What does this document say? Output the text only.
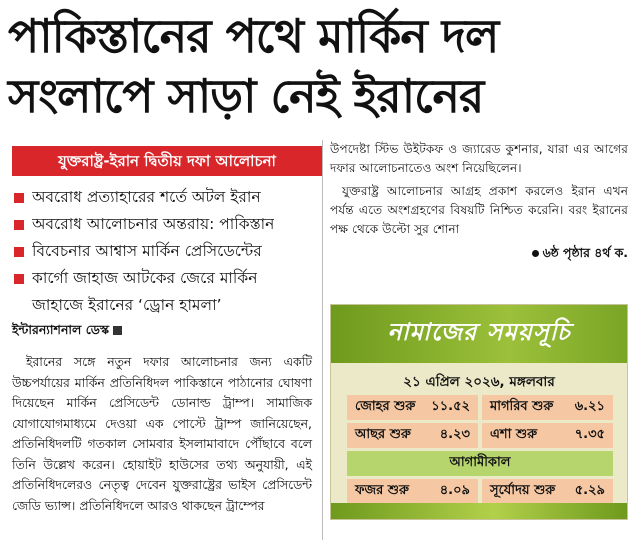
পাকিস্তানের পথে মার্কিন দল
সংলাপে সাড়া নেই ইরানের
যুক্তরাষ্ট্র-ইরান দ্বিতীয় দফা আলোচনা
অবরোধ প্রত্যাহারের শর্তে অটল ইরান
অবরোধ আলোচনার অন্তরায়: পাকিস্তান
বিবেচনার আশ্বাস মার্কিন প্রেসিডেন্টের
কার্গো জাহাজ আটকের জেরে মার্কিন
জাহাজে ইরানের ‘ড্রোন হামলা’
ইন্টারন্যাশনাল ডেস্ক

ইরানের সঙ্গে নতুন দফার আলোচনার জন্য একটি উচ্চপর্যায়ের মার্কিন প্রতিনিধিদল পাকিস্তানে পাঠানোর ঘোষণা দিয়েছেন মার্কিন প্রেসিডেন্ট ডোনাল্ড ট্রাম্প। সামাজিক যোগাযোগমাধ্যমে দেওয়া এক পোস্টে ট্রাম্প জানিয়েছেন, প্রতিনিধিদলটি গতকাল সোমবার ইসলামাবাদে পৌঁছাবে বলে তিনি উল্লেখ করেন। হোয়াইট হাউসের তথ্য অনুযায়ী, এই প্রতিনিধিদলেরও নেতৃত্ব দেবেন যুক্তরাষ্ট্রের ভাইস প্রেসিডেন্ট জেডি ভ্যান্স। প্রতিনিধিদলে আরও থাকছেন ট্রাম্পের

উপদেষ্টা স্টিভ উইটকফ ও জ্যারেড কুশনার, যারা এর আগের দফার আলোচনাতেও অংশ নিয়েছিলেন।

যুক্তরাষ্ট্র আলোচনার আগ্রহ প্রকাশ করলেও ইরান এখন পর্যন্ত এতে অংশগ্রহণের বিষয়টি নিশ্চিত করেনি। বরং ইরানের পক্ষ থেকে উল্টো সুর শোনা

৬ষ্ঠ পৃষ্ঠার ৪র্থ ক.
নামাজের সময়সূচি
২১ এপ্রিল ২০২৬, মঙ্গলবার
জোহর শুরু ১১.৫২ মাগরিব শুরু ৬.২১
আছর শুরু ৪.২৩ এশা শুরু	৭.৩৫
আগামীকাল
ফজর শুরু ৪.০৯ সূর্যোদয় শুরু ৫.২৯
